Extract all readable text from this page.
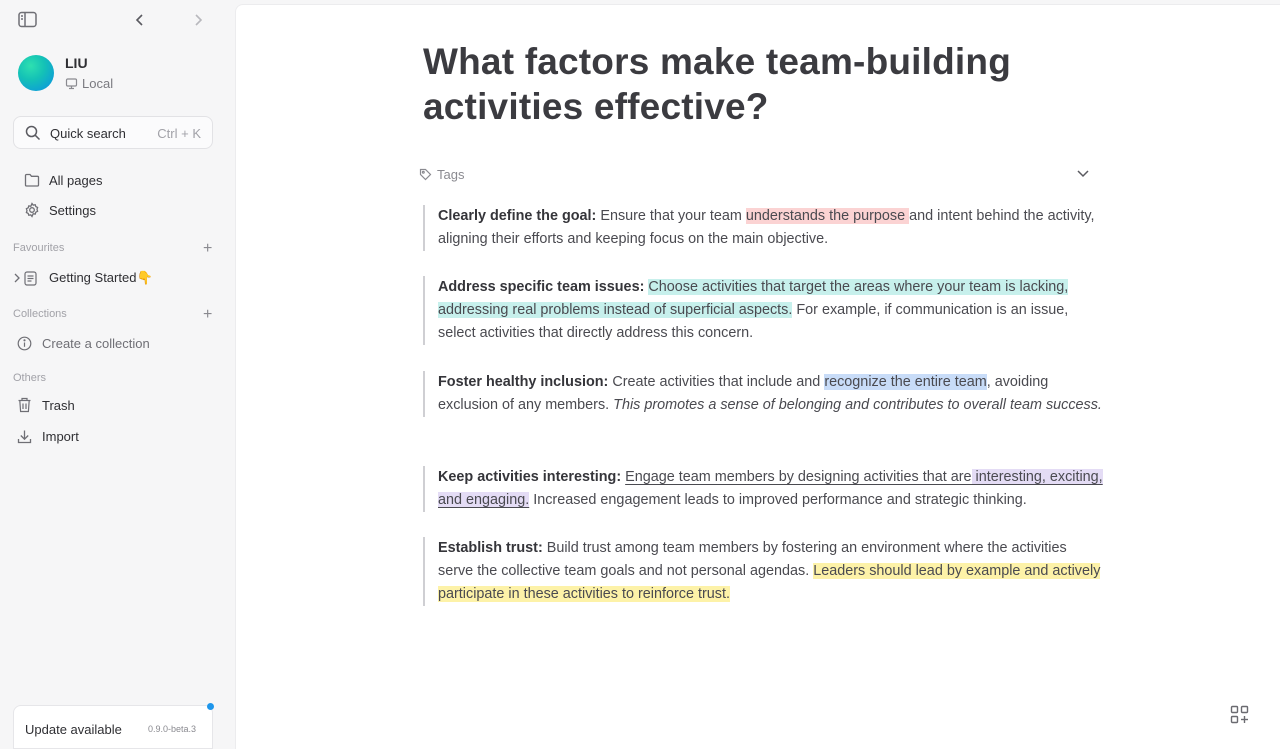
LIU
Local
Quick search Ctrl + K
All pages
Settings
Favourites	+
Getting Started👇
Collections	+
Create a collection
Others
Trash
Import
Update available	0.9.0-beta.3
What factors make team-building activities effective?
Tags
Clearly define the goal: Ensure that your team understands the purpose and intent behind the activity, aligning their efforts and keeping focus on the main objective.
Address specific team issues: Choose activities that target the areas where your team is lacking, addressing real problems instead of superficial aspects. For example, if communication is an issue, select activities that directly address this concern.
Foster healthy inclusion: Create activities that include and recognize the entire team, avoiding exclusion of any members. This promotes a sense of belonging and contributes to overall team success.
Keep activities interesting: Engage team members by designing activities that are interesting, exciting, and engaging. Increased engagement leads to improved performance and strategic thinking.
Establish trust: Build trust among team members by fostering an environment where the activities serve the collective team goals and not personal agendas. Leaders should lead by example and actively participate in these activities to reinforce trust.
